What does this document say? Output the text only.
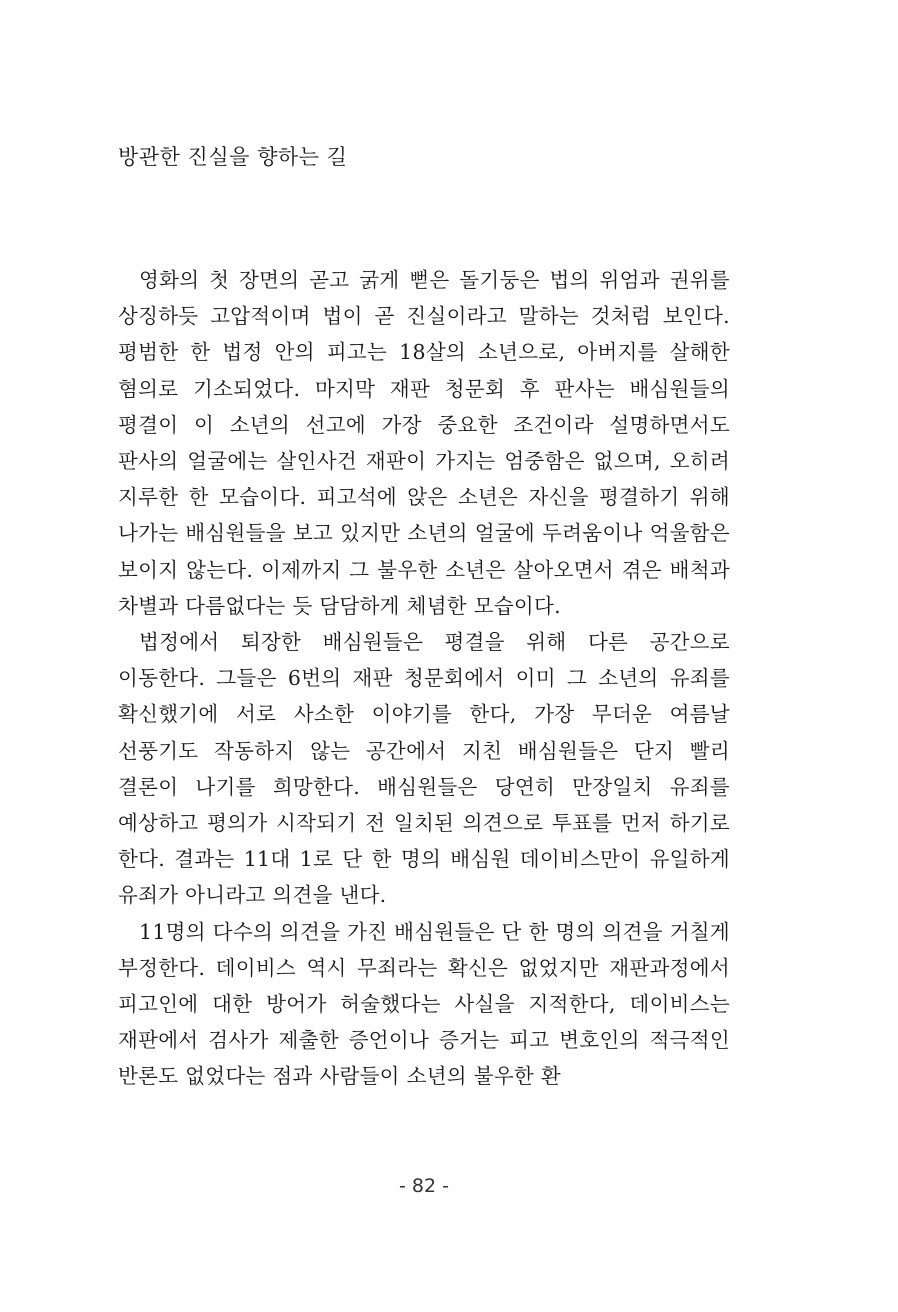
방관한 진실을 향하는 길

영화의 첫 장면의 곧고 굵게 뻗은 돌기둥은 법의 위엄과 권위를 상징하듯 고압적이며 법이 곧 진실이라고 말하는 것처럼 보인다. 평범한 한 법정 안의 피고는 18살의 소년으로, 아버지를 살해한 혐의로 기소되었다. 마지막 재판 청문회 후 판사는 배심원들의 평결이 이 소년의 선고에 가장 중요한 조건이라 설명하면서도 판사의 얼굴에는 살인사건 재판이 가지는 엄중함은 없으며, 오히려 지루한 한 모습이다. 피고석에 앉은 소년은 자신을 평결하기 위해 나가는 배심원들을 보고 있지만 소년의 얼굴에 두려움이나 억울함은 보이지 않는다. 이제까지 그 불우한 소년은 살아오면서 겪은 배척과 차별과 다름없다는 듯 담담하게 체념한 모습이다.

법정에서 퇴장한 배심원들은 평결을 위해 다른 공간으로 이동한다. 그들은 6번의 재판 청문회에서 이미 그 소년의 유죄를 확신했기에 서로 사소한 이야기를 한다, 가장 무더운 여름날 선풍기도 작동하지 않는 공간에서 지친 배심원들은 단지 빨리 결론이 나기를 희망한다. 배심원들은 당연히 만장일치 유죄를 예상하고 평의가 시작되기 전 일치된 의견으로 투표를 먼저 하기로 한다. 결과는 11대 1로 단 한 명의 배심원 데이비스만이 유일하게 유죄가 아니라고 의견을 낸다.

11명의 다수의 의견을 가진 배심원들은 단 한 명의 의견을 거칠게 부정한다. 데이비스 역시 무죄라는 확신은 없었지만 재판과정에서 피고인에 대한 방어가 허술했다는 사실을 지적한다, 데이비스는 재판에서 검사가 제출한 증언이나 증거는 피고 변호인의 적극적인 반론도 없었다는 점과 사람들이 소년의 불우한 환

- 82 -
